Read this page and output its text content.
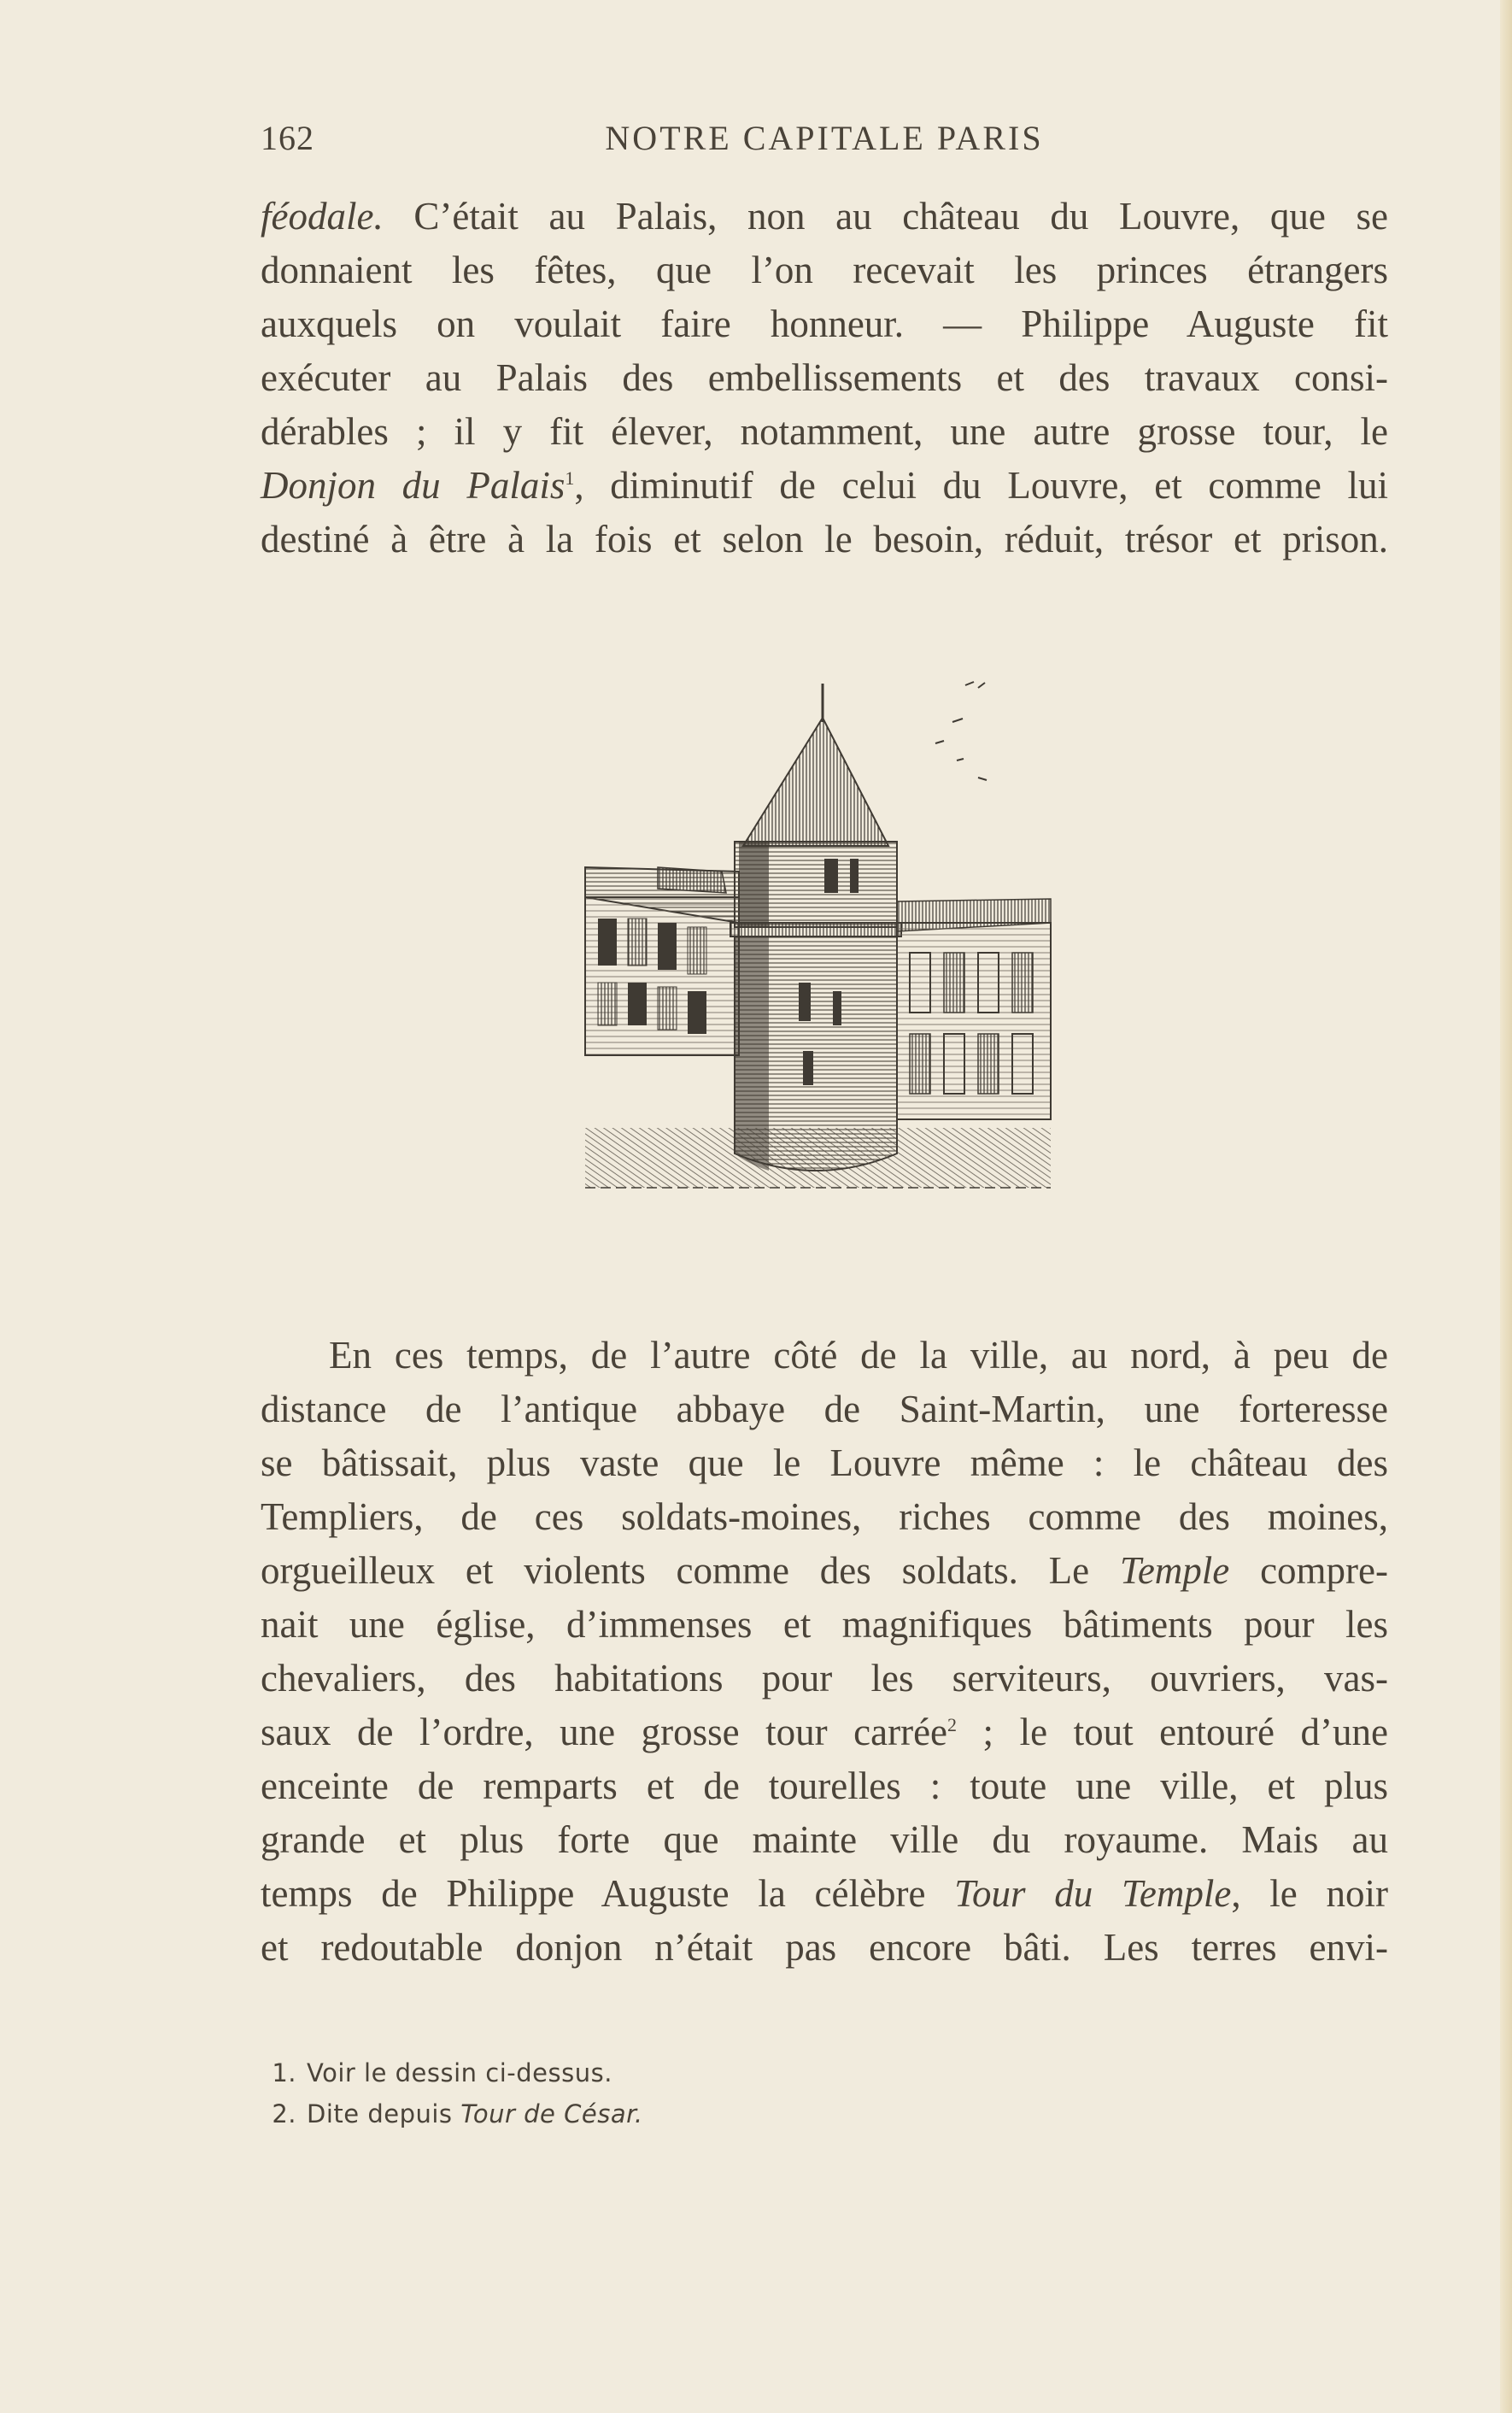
162	NOTRE CAPITALE PARIS

féodale. C’était au Palais, non au château du Louvre, que se
donnaient les fêtes, que l’on recevait les princes étrangers
auxquels on voulait faire honneur. — Philippe Auguste fit
exécuter au Palais des embellissements et des travaux consi-
dérables ; il y fit élever, notamment, une autre grosse tour, le
Donjon du Palais$^1$, diminutif de celui du Louvre, et comme lui
destiné à être à la fois et selon le besoin, réduit, trésor et prison.

En ces temps, de l’autre côté de la ville, au nord, à peu de
distance de l’antique abbaye de Saint-Martin, une forteresse
se bâtissait, plus vaste que le Louvre même : le château des
Templiers, de ces soldats-moines, riches comme des moines,
orgueilleux et violents comme des soldats. Le Temple compre-
nait une église, d’immenses et magnifiques bâtiments pour les
chevaliers, des habitations pour les serviteurs, ouvriers, vas-
saux de l’ordre, une grosse tour carrée$^2$ ; le tout entouré d’une
enceinte de remparts et de tourelles : toute une ville, et plus
grande et plus forte que mainte ville du royaume. Mais au
temps de Philippe Auguste la célèbre Tour du Temple, le noir
et redoutable donjon n’était pas encore bâti. Les terres envi-

1. Voir le dessin ci-dessus.
2. Dite depuis Tour de César.
